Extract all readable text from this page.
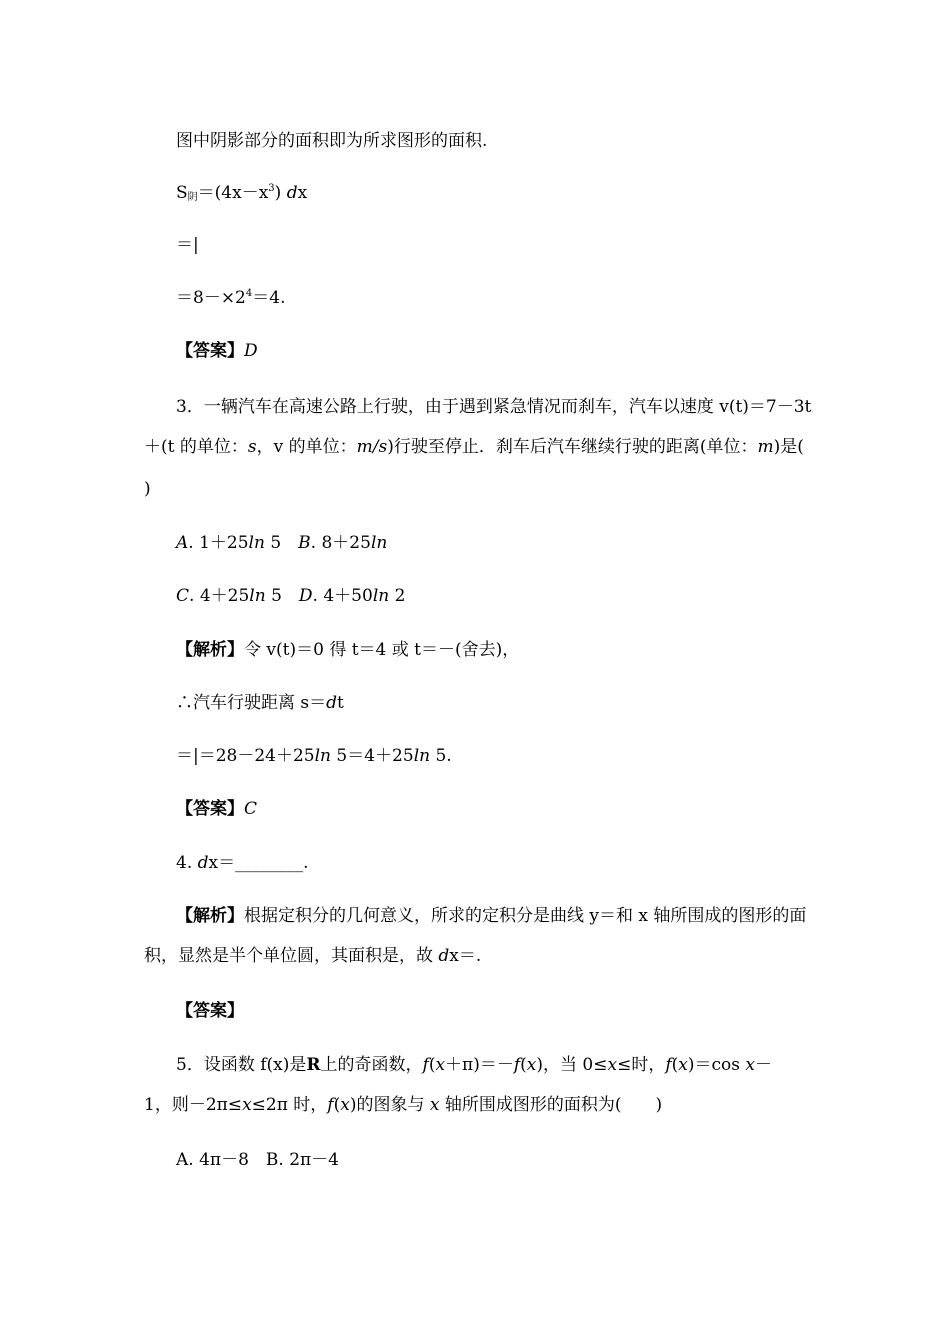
图中阴影部分的面积即为所求图形的面积.
$S_阴=(4x-x^3)$ dx
＝|
$=8-\times 2^4=4$.
【答案】D
3．一辆汽车在高速公路上行驶，由于遇到紧急情况而刹车，汽车以速度 v(t)＝7－3t
＋(t 的单位：s，v 的单位：m/s)行驶至停止．刹车后汽车继续行驶的距离(单位：m)是(
)
A. 1＋25ln 5　B. 8＋25ln
C. 4＋25ln 5　D. 4＋50ln 2
【解析】令 v(t)＝0 得 t＝4 或 t＝－(舍去)，
∴汽车行驶距离 s＝dt
＝|＝28－24＋25ln 5＝4＋25ln 5.
【答案】C
4. dx＝________.
【解析】根据定积分的几何意义，所求的定积分是曲线 y＝和 x 轴所围成的图形的面
积，显然是半个单位圆，其面积是，故 dx＝.
【答案】
5．设函数 f(x)是R上的奇函数，f(x＋π)＝－f(x)，当 0≤x≤时，f(x)＝cos x－
1，则－2π≤x≤2π 时，f(x)的图象与 x 轴所围成图形的面积为(　　)
A. 4π－8　B. 2π－4
